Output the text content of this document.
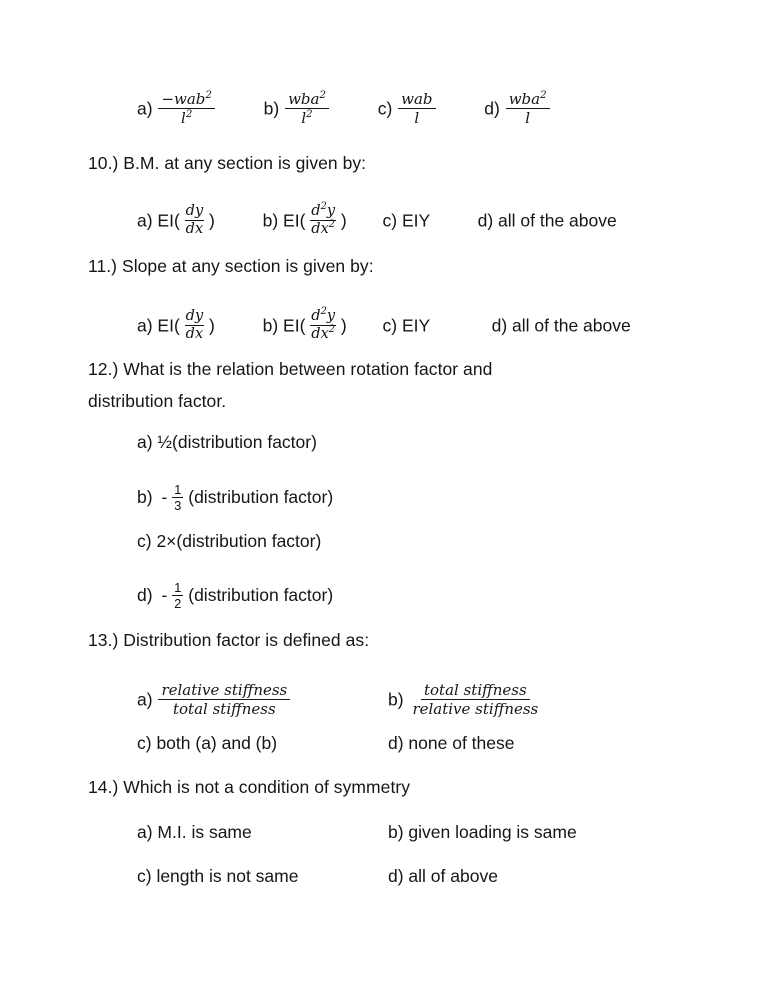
$a) \frac{-wab^2}{l^2}$	$b) \frac{wba^2}{l^2}$	$c) \frac{\text{wab}}{l}$	$d) \frac{wba^2}{l}$
10.) B.M. at any section is given by:
a) $EI( \frac{dy}{dx}$ )	b) $EI( \frac{d^2y}{dx^2}$ ) c) EIY	d) all of the above
11.) Slope at any section is given by:
a) $EI( \frac{dy}{dx}$ )	b) $EI( \frac{d^2y}{dx^2}$ ) c) EIY	d) all of the above
12.) What is the relation between rotation factor and
distribution factor.
a) ½(distribution factor)
$b) - \frac{1}{3}$ (distribution factor)
c) 2×(distribution factor)
$d) - \frac{1}{2}$ (distribution factor)
13.) Distribution factor is defined as:
$a) \frac{\text{relative stiffness}}{\text{total stiffness}}$	$b) \frac{\text{total stiffness}}{\text{relative stiffness}}$
c) both (a) and (b)	d) none of these
14.) Which is not a condition of symmetry
a) M.I. is same	b) given loading is same
c) length is not same	d) all of above
